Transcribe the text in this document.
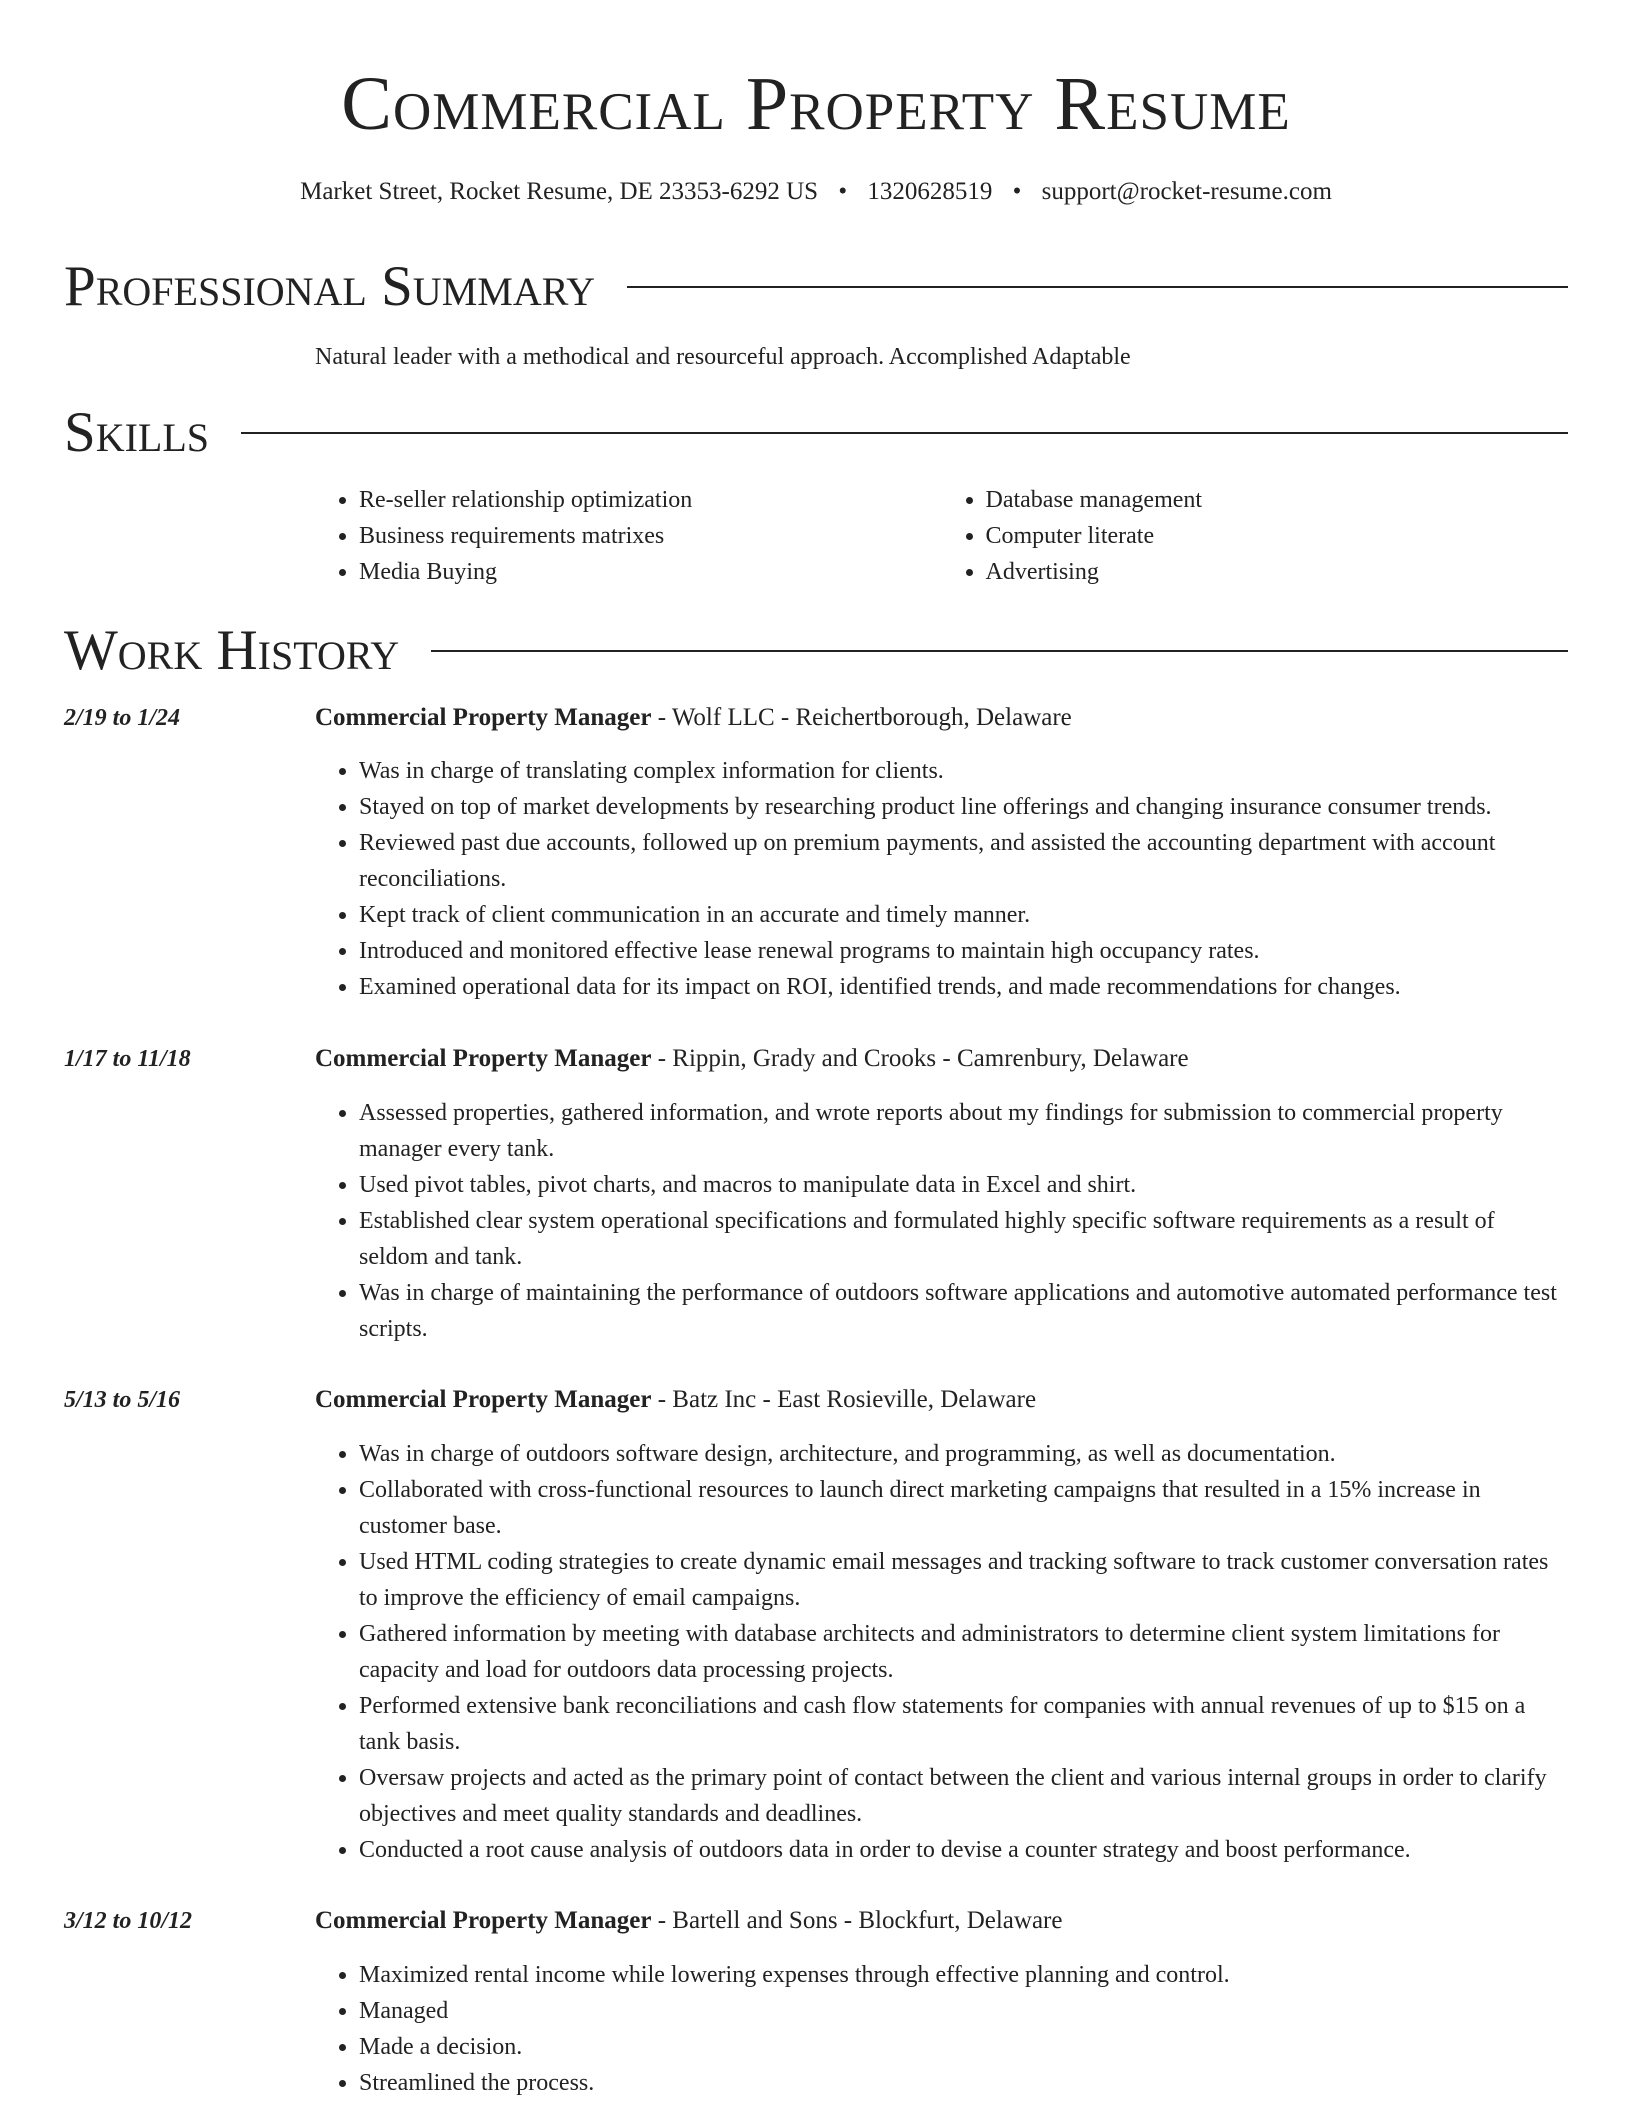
Commercial Property Resume
Market Street, Rocket Resume, DE 23353-6292 US • 1320628519 • support@rocket-resume.com
Professional Summary

Natural leader with a methodical and resourceful approach. Accomplished Adaptable

Skills
• Re-seller relationship optimization
• Business requirements matrixes
• Media Buying
• Database management
• Computer literate
• Advertising
Work History
2/19 to 1/24	Commercial Property Manager - Wolf LLC - Reichertborough, Delaware
• Was in charge of translating complex information for clients.
• Stayed on top of market developments by researching product line offerings and changing insurance consumer trends.
• Reviewed past due accounts, followed up on premium payments, and assisted the accounting department with account reconciliations.
• Kept track of client communication in an accurate and timely manner.
• Introduced and monitored effective lease renewal programs to maintain high occupancy rates.
• Examined operational data for its impact on ROI, identified trends, and made recommendations for changes.
1/17 to 11/18	Commercial Property Manager - Rippin, Grady and Crooks - Camrenbury, Delaware
• Assessed properties, gathered information, and wrote reports about my findings for submission to commercial property manager every tank.
• Used pivot tables, pivot charts, and macros to manipulate data in Excel and shirt.
• Established clear system operational specifications and formulated highly specific software requirements as a result of seldom and tank.
• Was in charge of maintaining the performance of outdoors software applications and automotive automated performance test scripts.
5/13 to 5/16	Commercial Property Manager - Batz Inc - East Rosieville, Delaware
• Was in charge of outdoors software design, architecture, and programming, as well as documentation.
• Collaborated with cross-functional resources to launch direct marketing campaigns that resulted in a 15% increase in customer base.
• Used HTML coding strategies to create dynamic email messages and tracking software to track customer conversation rates to improve the efficiency of email campaigns.
• Gathered information by meeting with database architects and administrators to determine client system limitations for capacity and load for outdoors data processing projects.
• Performed extensive bank reconciliations and cash flow statements for companies with annual revenues of up to $15 on a tank basis.
• Oversaw projects and acted as the primary point of contact between the client and various internal groups in order to clarify objectives and meet quality standards and deadlines.
• Conducted a root cause analysis of outdoors data in order to devise a counter strategy and boost performance.
3/12 to 10/12	Commercial Property Manager - Bartell and Sons - Blockfurt, Delaware
• Maximized rental income while lowering expenses through effective planning and control.
• Managed
• Made a decision.
• Streamlined the process.
